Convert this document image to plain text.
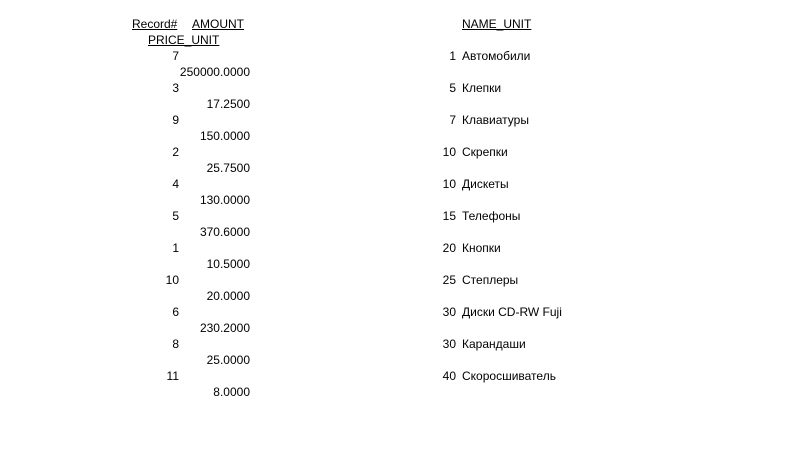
Record# AMOUNT	NAME_UNIT
PRICE_UNIT
7	1 Автомобили
250000.0000
3	5 Клепки
17.2500
9	7 Клавиатуры
150.0000
2	10 Скрепки
25.7500
4	10 Дискеты
130.0000
5	15 Телефоны
370.6000
1	20 Кнопки
10.5000
10	25 Степлеры
20.0000
6	30 Диски CD-RW Fuji
230.2000
8	30 Карандаши
25.0000
11	40 Скоросшиватель
8.0000
